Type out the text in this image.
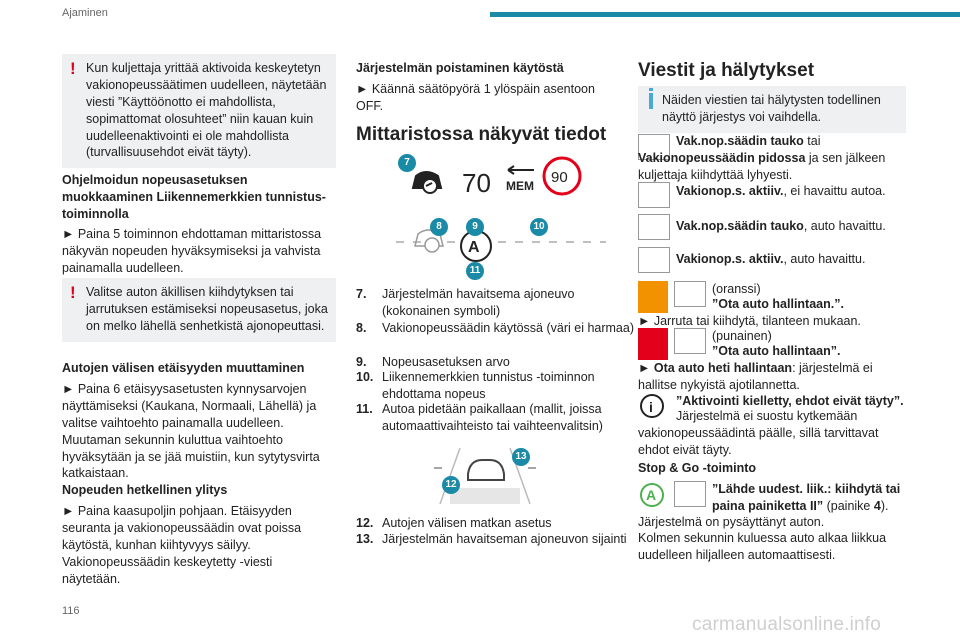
Ajaminen
116
carmanualsonline.info
! Kun kuljettaja yrittää aktivoida keskeytetyn vakionopeussäätimen uudelleen, näytetään viesti ”Käyttöönotto ei mahdollista, sopimattomat olosuhteet” niin kauan kuin uudelleenaktivointi ei ole mahdollista (turvallisuusehdot eivät täyty).

Ohjelmoidun nopeusasetuksen muokkaaminen Liikennemerkkien tunnistus-toiminnolla

► Paina 5 toiminnon ehdottaman mittaristossa näkyvän nopeuden hyväksymiseksi ja vahvista painamalla uudelleen.

! Valitse auton äkillisen kiihdytyksen tai jarrutuksen estämiseksi nopeusasetus, joka on melko lähellä senhetkistä ajonopeuttasi.

Autojen välisen etäisyyden muuttaminen

► Paina 6 etäisyysasetusten kynnysarvojen näyttämiseksi (Kaukana, Normaali, Lähellä) ja valitse vaihtoehto painamalla uudelleen. Muutaman sekunnin kuluttua vaihtoehto hyväksytään ja se jää muistiin, kun sytytysvirta katkaistaan.

Nopeuden hetkellinen ylitys

► Paina kaasupoljin pohjaan. Etäisyyden seuranta ja vakionopeussäädin ovat poissa käytöstä, kunhan kiihtyvyys säilyy. Vakionopeussäädin keskeytetty -viesti näytetään.

Järjestelmän poistaminen käytöstä

► Käännä säätöpyörä 1 ylöspäin asentoon OFF.

Mittaristossa näkyvät tiedot
70 MEM 90
A
7
8	9	10
11
7.	Järjestelmän havaitsema ajoneuvo (kokonainen symboli)
8.	Vakionopeussäädin käytössä (väri ei harmaa)
9.	Nopeusasetuksen arvo
10. Liikennemerkkien tunnistus -toiminnon ehdottama nopeus
11. Autoa pidetään paikallaan (mallit, joissa automaattivaihteisto tai vaihteenvalitsin)
13
12
12. Autojen välisen matkan asetus
13. Järjestelmän havaitseman ajoneuvon sijainti
Viestit ja hälytykset

Näiden viestien tai hälytysten todellinen näyttö järjestys voi vaihdella.

Vak.nop.säädin tauko tai Vakionopeussäädin pidossa ja sen jälkeen kuljettaja kiihdyttää lyhyesti.

Vakionop.s. aktiiv., ei havaittu autoa.

Vak.nop.säädin tauko, auto havaittu.

Vakionop.s. aktiiv., auto havaittu.

(oranssi)

”Ota auto hallintaan.”.

► Jarruta tai kiihdytä, tilanteen mukaan.

(punainen)

”Ota auto hallintaan”.

► Ota auto heti hallintaan: järjestelmä ei hallitse nykyistä ajotilannetta.

i ”Aktivointi kielletty, ehdot eivät täyty”.

Järjestelmä ei suostu kytkemään vakionopeussäädintä päälle, sillä tarvittavat ehdot eivät täyty.

Stop & Go -toiminto
A	”Lähde uudest. liik.: kiihdytä tai paina painiketta II” (painike 4).

Järjestelmä on pysäyttänyt auton.

Kolmen sekunnin kuluessa auto alkaa liikkua uudelleen hiljalleen automaattisesti.
